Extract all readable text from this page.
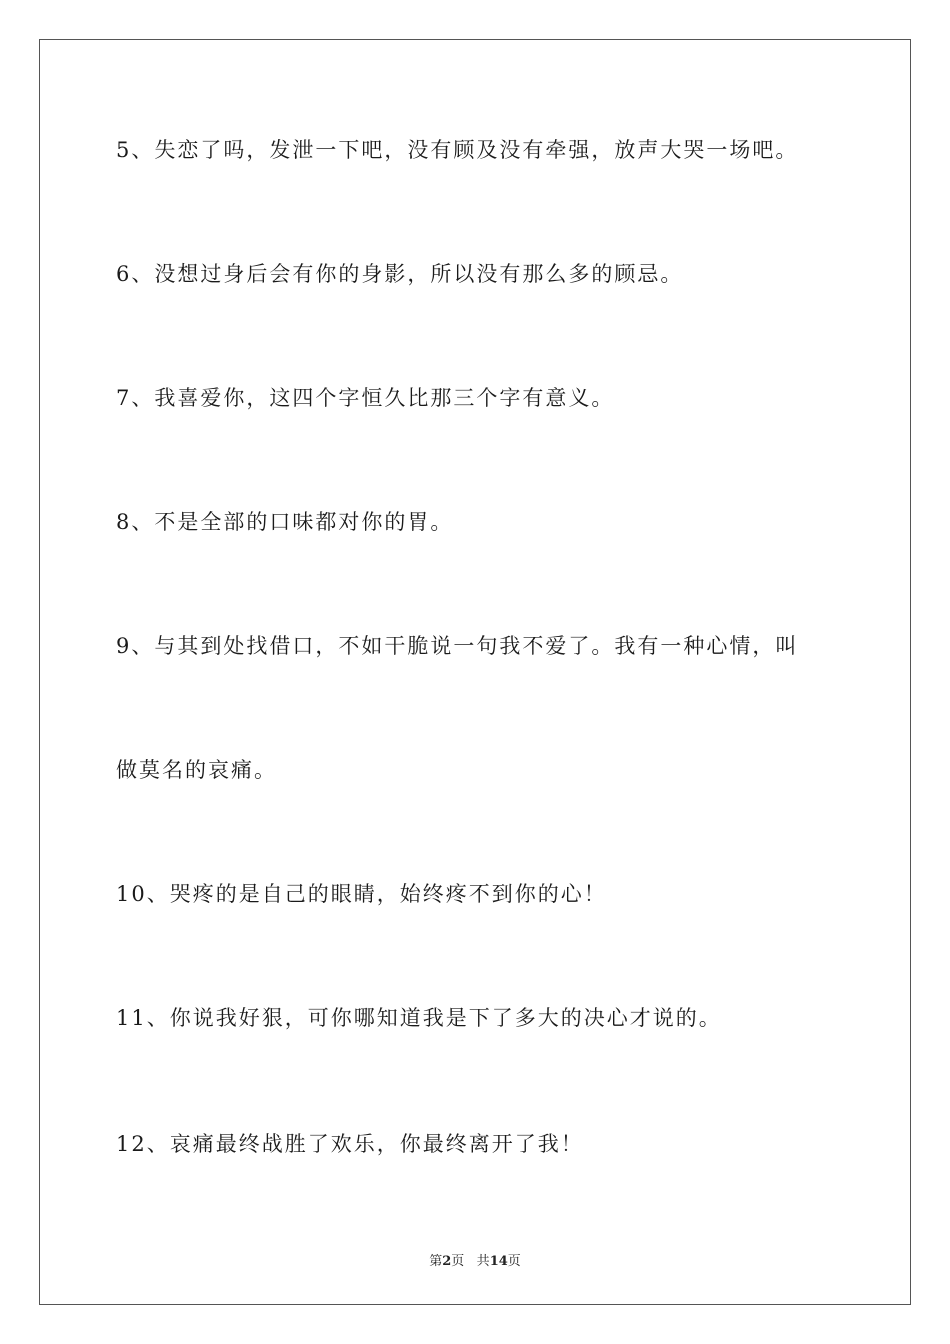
5、失恋了吗，发泄一下吧，没有顾及没有牵强，放声大哭一场吧。
6、没想过身后会有你的身影，所以没有那么多的顾忌。
7、我喜爱你，这四个字恒久比那三个字有意义。
8、不是全部的口味都对你的胃。
9、与其到处找借口，不如干脆说一句我不爱了。我有一种心情，叫
做莫名的哀痛。
10、哭疼的是自己的眼睛，始终疼不到你的心！
11、你说我好狠，可你哪知道我是下了多大的决心才说的。
12、哀痛最终战胜了欢乐，你最终离开了我！
第2页 共14页
